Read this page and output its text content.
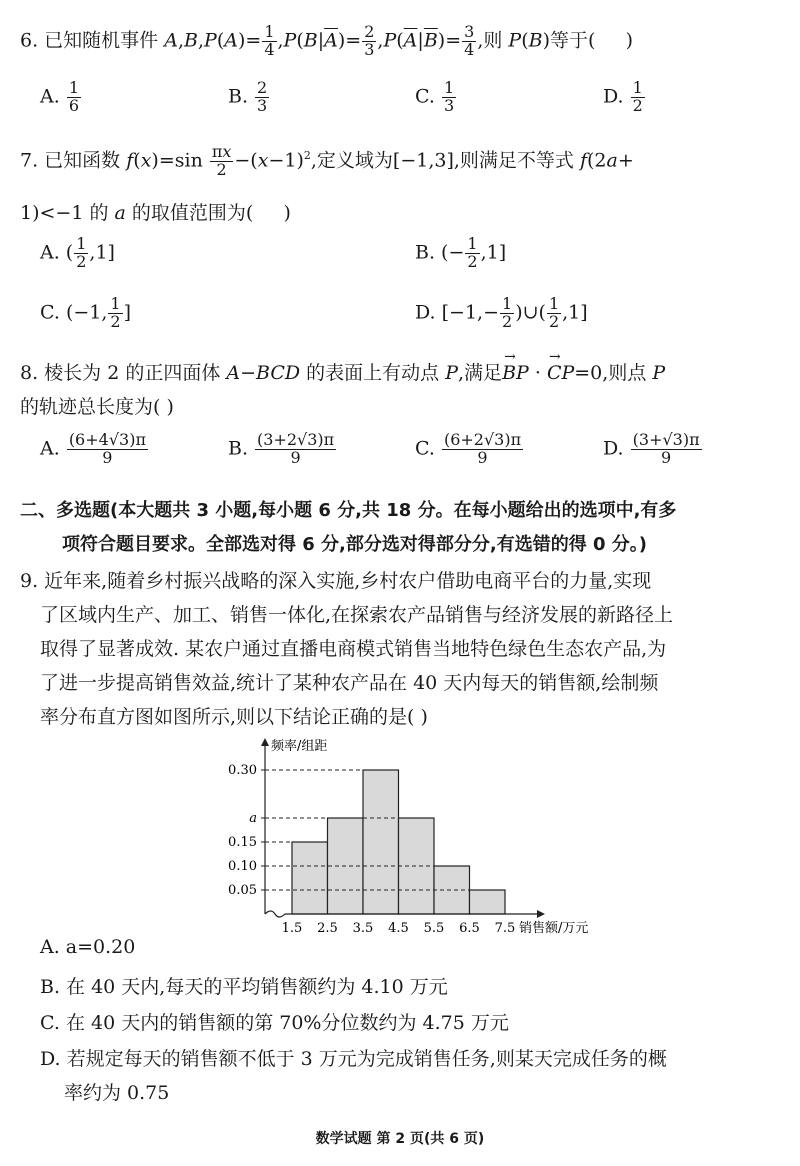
6. 已知随机事件 $A,B,P(A)= \frac{1}{4} ,P(B|\overline{A})= \frac{2}{3} ,P(\overline{A}|\overline{B})= \frac{3}{4}$ ,则 P(B)等于(     )
A. $\frac{1}{6}$	B. $\frac{2}{3}$	C. $\frac{1}{3}$	D. $\frac{1}{2}$
7. 已知函数 $f(x)=\sin \frac{\pi x}{2} -(x-1)^2$,定义域为[−1,3],则满足不等式 f(2a+
1)<−1 的 a 的取值范围为(     )
A. ( $\frac{1}{2} ,1$]	B. (− $\frac{1}{2} ,1$]
C. (−1, $\frac{1}{2}$ ]	D. [$-1,- \frac{1}{2}$ )∪( $\frac{1}{2} ,1$]
8. 棱长为 2 的正四面体 A−BCD 的表面上有动点 P,满足→ BP · → CP=0,则点 P
的轨迹总长度为( )
A. $\frac{(6+4√3)\pi}{9}$	B. $\frac{(3+2√3)\pi}{9}$	C. $\frac{(6+2√3)\pi}{9}$	D. $\frac{(3+√3)\pi}{9}$
二、多选题(本大题共 3 小题,每小题 6 分,共 18 分。在每小题给出的选项中,有多
项符合题目要求。全部选对得 6 分,部分选对得部分分,有选错的得 0 分。)
9. 近年来,随着乡村振兴战略的深入实施,乡村农户借助电商平台的力量,实现
了区域内生产、加工、销售一体化,在探索农产品销售与经济发展的新路径上
取得了显著成效. 某农户通过直播电商模式销售当地特色绿色生态农产品,为
了进一步提高销售效益,统计了某种农产品在 40 天内每天的销售额,绘制频
率分布直方图如图所示,则以下结论正确的是( )
0.30
a
0.15
0.10
0.05
1.5 2.5 3.5 4.5 5.5 6.5 7.5 销售额/万元
频率/组距
A. a=0.20
B. 在 40 天内,每天的平均销售额约为 4.10 万元
C. 在 40 天内的销售额的第 70%分位数约为 4.75 万元
D. 若规定每天的销售额不低于 3 万元为完成销售任务,则某天完成任务的概
率约为 0.75
数学试题 第 2 页(共 6 页)
